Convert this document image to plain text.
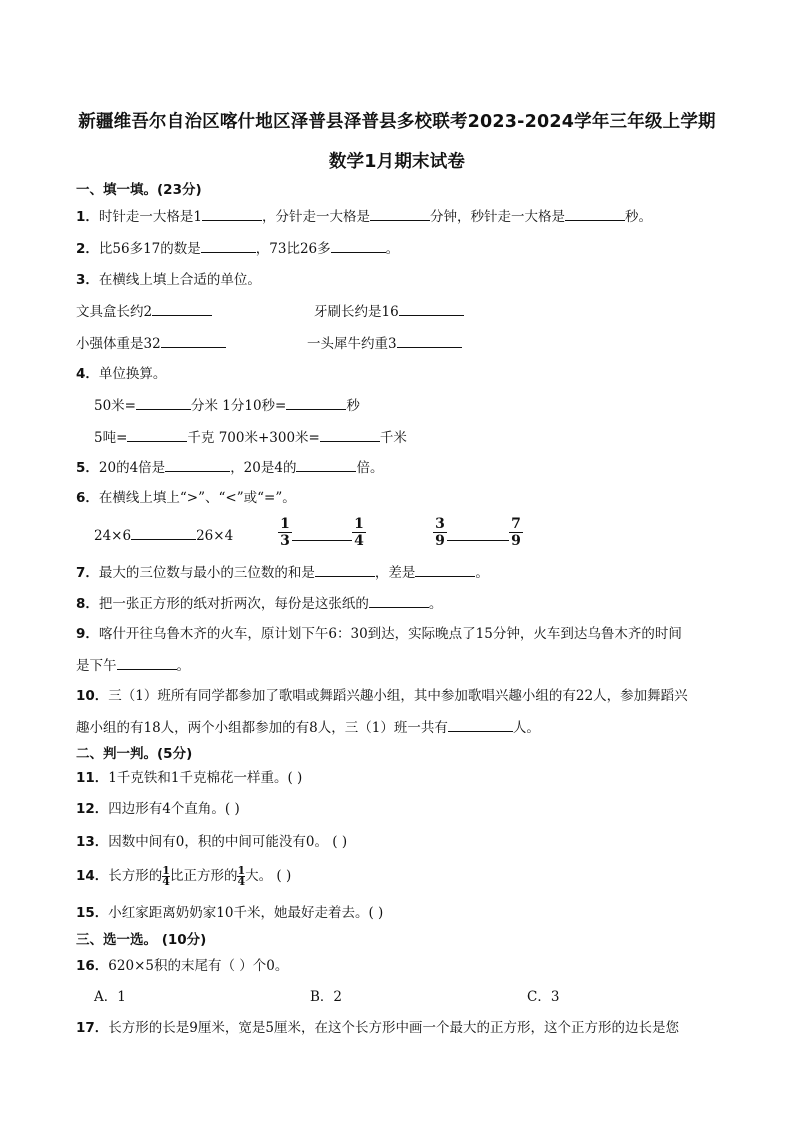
新疆维吾尔自治区喀什地区泽普县泽普县多校联考2023-2024学年三年级上学期
数学1月期末试卷
一、填一填。(23分)
1．时针走一大格是1	，分针走一大格是	分钟，秒针走一大格是	秒。
2．比56多17的数是	，73比26多	。
3．在横线上填上合适的单位。
文具盒长约2	牙刷长约是16
小强体重是32	一头犀牛约重3
4．单位换算。
50米=	分米 1分10秒=	秒
5吨=	千克 700米+300米=	千米
5．20的4倍是	，20是4的	倍。
6．在横线上填上“>”、“<”或“=”。
24×6	26×4	$\frac{1}{3}$	$\frac{1}{4}$	$\frac{3}{9}$	$\frac{7}{9}$
7．最大的三位数与最小的三位数的和是	，差是	。
8．把一张正方形的纸对折两次，每份是这张纸的	。
9．喀什开往乌鲁木齐的火车，原计划下午6：30到达，实际晚点了15分钟，火车到达乌鲁木齐的时间
是下午	。
10．三（1）班所有同学都参加了歌唱或舞蹈兴趣小组，其中参加歌唱兴趣小组的有22人，参加舞蹈兴
趣小组的有18人，两个小组都参加的有8人，三（1）班一共有	人。
二、判一判。(5分)
11．1千克铁和1千克棉花一样重。( )
12．四边形有4个直角。( )
13．因数中间有0，积的中间可能没有0。 ( )
14．长方形的 $\frac{1}{4}$ 比正方形的 $\frac{1}{4}$ 大。 ( )
15．小红家距离奶奶家10千米，她最好走着去。( )
三、选一选。 (10分)
16．620×5积的末尾有（ ）个0。
A．1	B．2	C．3
17．长方形的长是9厘米，宽是5厘米，在这个长方形中画一个最大的正方形，这个正方形的边长是您
